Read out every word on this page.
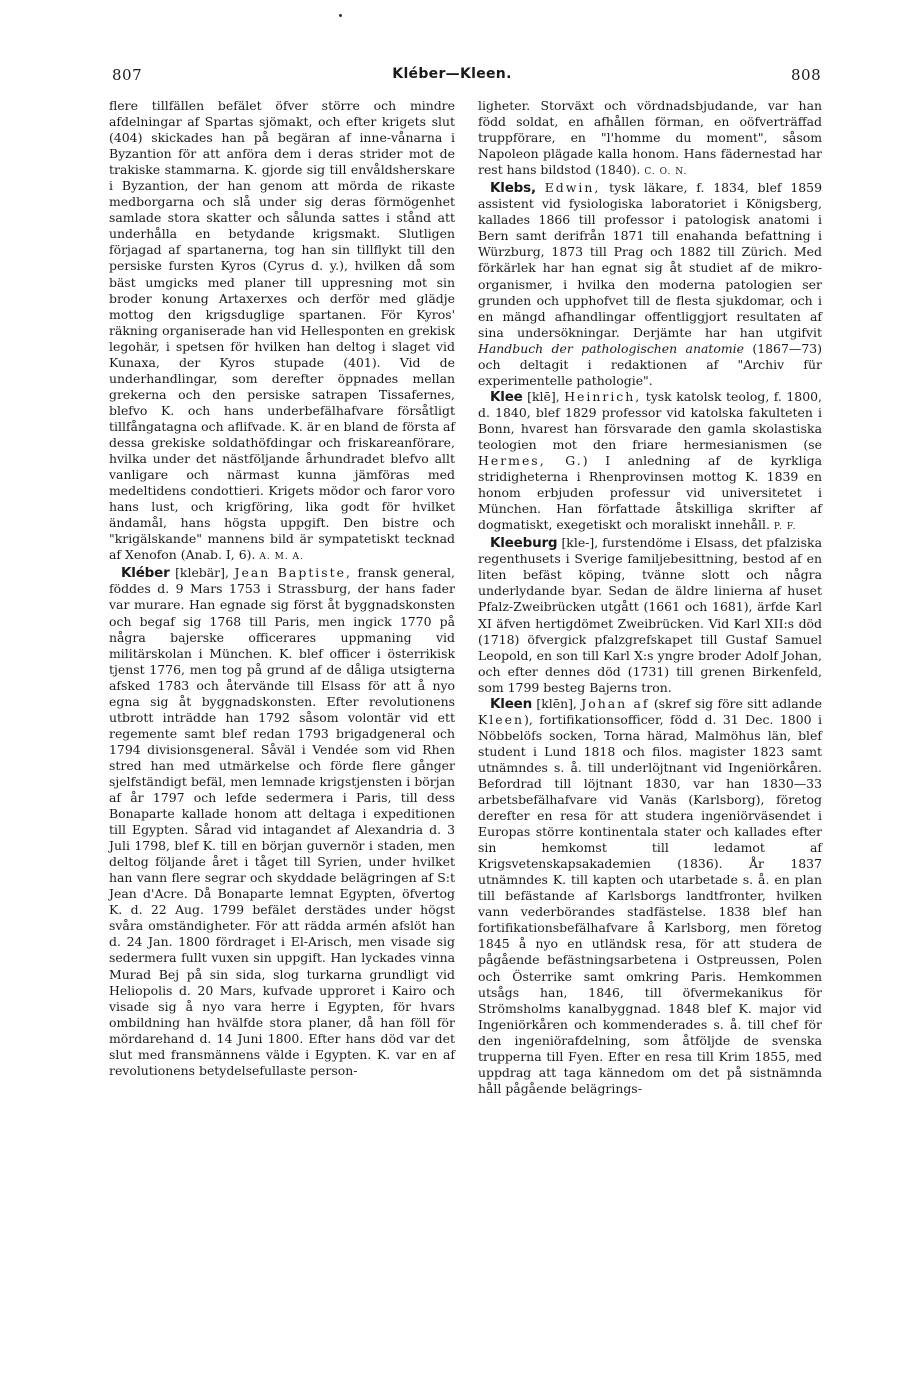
807	Kléber—Kleen.	808

flere tillfällen befälet öfver större och mindre afdelningar af Spartas sjömakt, och efter krigets slut (404) skickades han på begäran af inne-vånarna i Byzantion för att anföra dem i deras strider mot de trakiske stammarna. K. gjorde sig till envåldsherskare i Byzantion, der han genom att mörda de rikaste medborgarna och slå under sig deras förmögenhet samlade stora skatter och sålunda sattes i stånd att underhålla en betydande krigsmakt. Slutligen förjagad af spartanerna, tog han sin tillflykt till den persiske fursten Kyros (Cyrus d. y.), hvilken då som bäst umgicks med planer till uppresning mot sin broder konung Artaxerxes och derför med glädje mottog den krigsduglige spartanen. För Kyros' räkning organiserade han vid Hellesponten en grekisk legohär, i spetsen för hvilken han deltog i slaget vid Kunaxa, der Kyros stupade (401). Vid de underhandlingar, som derefter öppnades mellan grekerna och den persiske satrapen Tissafernes, blefvo K. och hans underbefälhafvare försåtligt tillfångatagna och aflifvade. K. är en bland de första af dessa grekiske soldathöfdingar och friskareanförare, hvilka under det nästföljande århundradet blefvo allt vanligare och närmast kunna jämföras med medeltidens condottieri. Krigets mödor och faror voro hans lust, och krigföring, lika godt för hvilket ändamål, hans högsta uppgift. Den bistre och "krigälskande" mannens bild är sympatetiskt tecknad af Xenofon (Anab. I, 6). A. M. A.

Kléber [klebär], Jean Baptiste, fransk general, föddes d. 9 Mars 1753 i Strassburg, der hans fader var murare. Han egnade sig först åt byggnadskonsten och begaf sig 1768 till Paris, men ingick 1770 på några bajerske officerares uppmaning vid militärskolan i München. K. blef officer i österrikisk tjenst 1776, men tog på grund af de dåliga utsigterna afsked 1783 och återvände till Elsass för att å nyo egna sig åt byggnadskonsten. Efter revolutionens utbrott inträdde han 1792 såsom volontär vid ett regemente samt blef redan 1793 brigadgeneral och 1794 divisionsgeneral. Såväl i Vendée som vid Rhen stred han med utmärkelse och förde flere gånger sjelfständigt befäl, men lemnade krigstjensten i början af år 1797 och lefde sedermera i Paris, till dess Bonaparte kallade honom att deltaga i expeditionen till Egypten. Sårad vid intagandet af Alexandria d. 3 Juli 1798, blef K. till en början guvernör i staden, men deltog följande året i tåget till Syrien, under hvilket han vann flere segrar och skyddade belägringen af S:t Jean d'Acre. Då Bonaparte lemnat Egypten, öfvertog K. d. 22 Aug. 1799 befälet derstädes under högst svåra omständigheter. För att rädda armén afslöt han d. 24 Jan. 1800 fördraget i El-Arisch, men visade sig sedermera fullt vuxen sin uppgift. Han lyckades vinna Murad Bej på sin sida, slog turkarna grundligt vid Heliopolis d. 20 Mars, kufvade upproret i Kairo och visade sig å nyo vara herre i Egypten, för hvars ombildning han hvälfde stora planer, då han föll för mördarehand d. 14 Juni 1800. Efter hans död var det slut med fransmännens välde i Egypten. K. var en af revolutionens betydelsefullaste person-

ligheter. Storväxt och vördnadsbjudande, var han född soldat, en afhållen förman, en oöfverträffad truppförare, en "l'homme du moment", såsom Napoleon plägade kalla honom. Hans fädernestad har rest hans bildstod (1840). C. O. N.

Klebs, Edwin, tysk läkare, f. 1834, blef 1859 assistent vid fysiologiska laboratoriet i Königsberg, kallades 1866 till professor i patologisk anatomi i Bern samt derifrån 1871 till enahanda befattning i Würzburg, 1873 till Prag och 1882 till Zürich. Med förkärlek har han egnat sig åt studiet af de mikro-organismer, i hvilka den moderna patologien ser grunden och upphofvet till de flesta sjukdomar, och i en mängd afhandlingar offentliggjort resultaten af sina undersökningar. Derjämte har han utgifvit Handbuch der pathologischen anatomie (1867—73) och deltagit i redaktionen af "Archiv für experimentelle pathologie".

Klee [klē], Heinrich, tysk katolsk teolog, f. 1800, d. 1840, blef 1829 professor vid katolska fakulteten i Bonn, hvarest han försvarade den gamla skolastiska teologien mot den friare hermesianismen (se Hermes, G.) I anledning af de kyrkliga stridigheterna i Rhenprovinsen mottog K. 1839 en honom erbjuden professur vid universitetet i München. Han författade åtskilliga skrifter af dogmatiskt, exegetiskt och moraliskt innehåll. P. F.

Kleeburg [kle-], furstendöme i Elsass, det pfalziska regenthusets i Sverige familjebesittning, bestod af en liten befäst köping, tvänne slott och några underlydande byar. Sedan de äldre linierna af huset Pfalz-Zweibrücken utgått (1661 och 1681), ärfde Karl XI äfven hertigdömet Zweibrücken. Vid Karl XII:s död (1718) öfvergick pfalzgrefskapet till Gustaf Samuel Leopold, en son till Karl X:s yngre broder Adolf Johan, och efter dennes död (1731) till grenen Birkenfeld, som 1799 besteg Bajerns tron.

Kleen [klēn], Johan af (skref sig före sitt adlande Kleen), fortifikationsofficer, född d. 31 Dec. 1800 i Nöbbelöfs socken, Torna härad, Malmöhus län, blef student i Lund 1818 och filos. magister 1823 samt utnämndes s. å. till underlöjtnant vid Ingeniörkåren. Befordrad till löjtnant 1830, var han 1830—33 arbetsbefälhafvare vid Vanäs (Karlsborg), företog derefter en resa för att studera ingeniörväsendet i Europas större kontinentala stater och kallades efter sin hemkomst till ledamot af Krigsvetenskapsakademien (1836). År 1837 utnämndes K. till kapten och utarbetade s. å. en plan till befästande af Karlsborgs landtfronter, hvilken vann vederbörandes stadfästelse. 1838 blef han fortifikationsbefälhafvare å Karlsborg, men företog 1845 å nyo en utländsk resa, för att studera de pågående befästningsarbetena i Ostpreussen, Polen och Österrike samt omkring Paris. Hemkommen utsågs han, 1846, till öfvermekanikus för Strömsholms kanalbyggnad. 1848 blef K. major vid Ingeniörkåren och kommenderades s. å. till chef för den ingeniörafdelning, som åtföljde de svenska trupperna till Fyen. Efter en resa till Krim 1855, med uppdrag att taga kännedom om det på sistnämnda håll pågående belägrings-
